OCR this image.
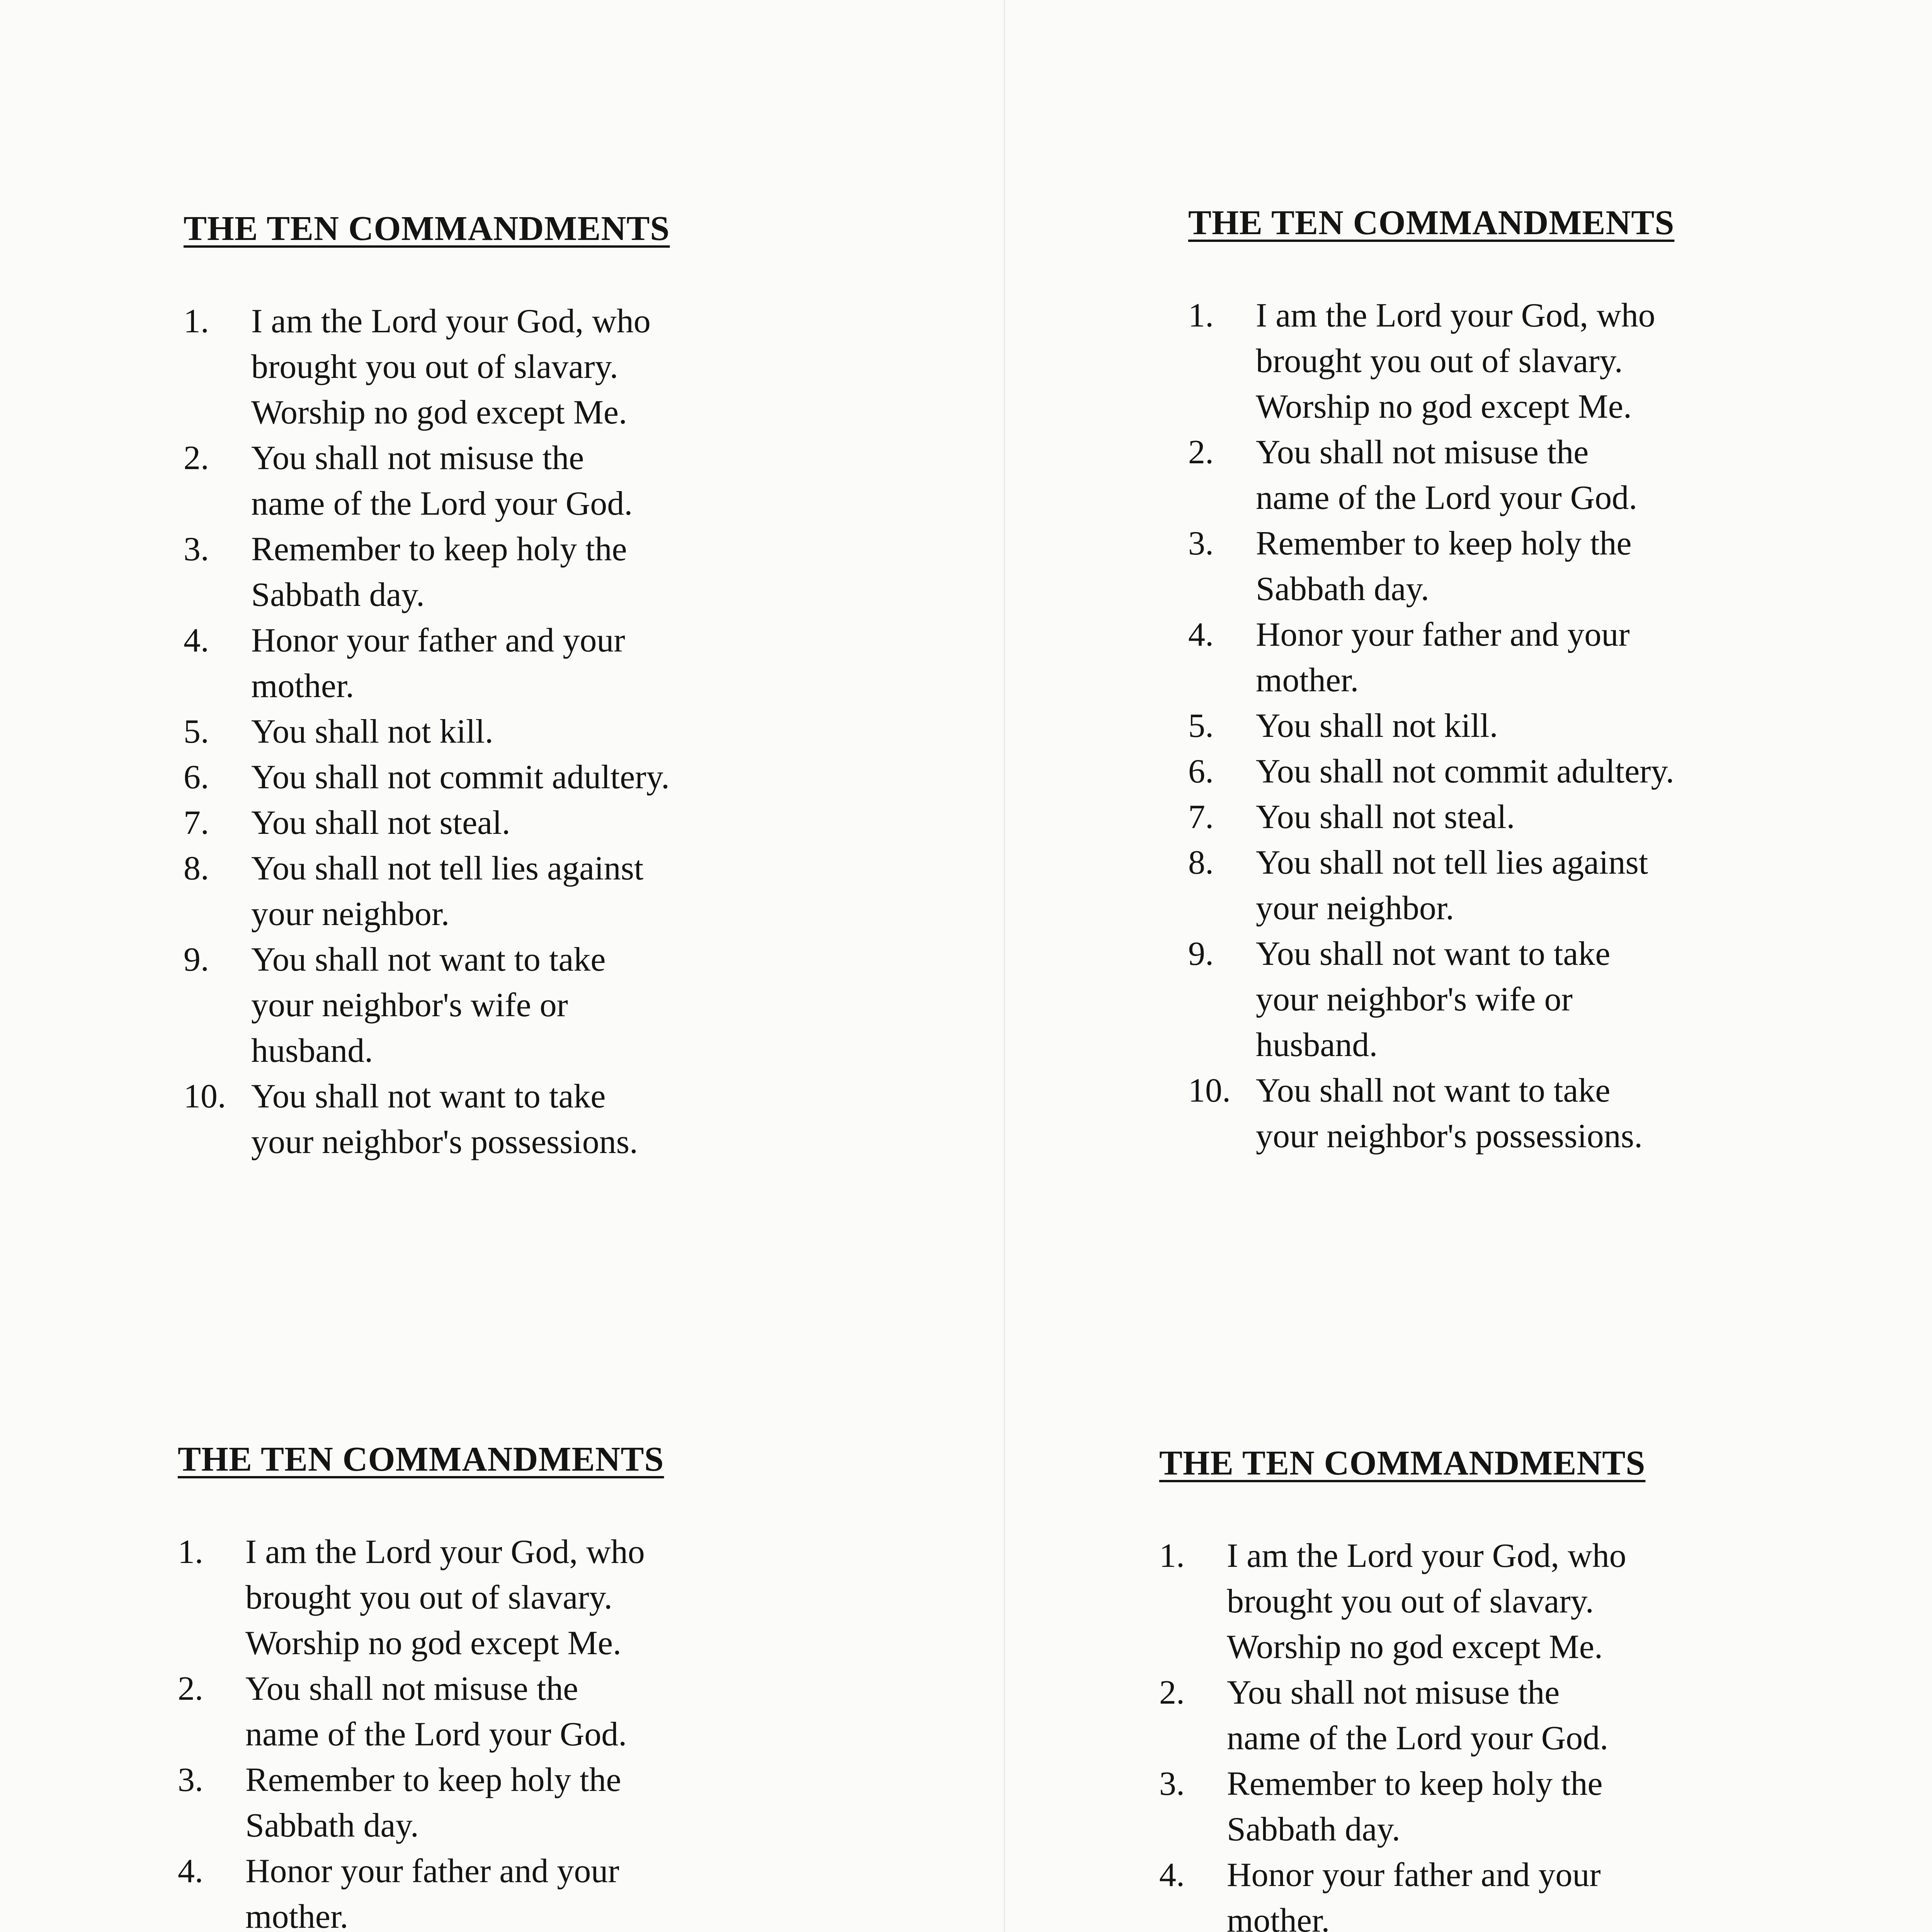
THE TEN COMMANDMENTS
1.	I am the Lord your God, who
brought you out of slavary.
Worship no god except Me.
2.	You shall not misuse the
name of the Lord your God.
3.	Remember to keep holy the
Sabbath day.
4.	Honor your father and your
mother.
5.	You shall not kill.
6.	You shall not commit adultery.
7.	You shall not steal.
8.	You shall not tell lies against
your neighbor.
9.	You shall not want to take
your neighbor's wife or
husband.
10. You shall not want to take
your neighbor's possessions.
THE TEN COMMANDMENTS
1.	I am the Lord your God, who
brought you out of slavary.
Worship no god except Me.
2.	You shall not misuse the
name of the Lord your God.
3.	Remember to keep holy the
Sabbath day.
4.	Honor your father and your
mother.
5.	You shall not kill.
6.	You shall not commit adultery.
7.	You shall not steal.
8.	You shall not tell lies against
your neighbor.
9.	You shall not want to take
your neighbor's wife or
husband.
10. You shall not want to take
your neighbor's possessions.
THE TEN COMMANDMENTS
1.	I am the Lord your God, who
brought you out of slavary.
Worship no god except Me.
2.	You shall not misuse the
name of the Lord your God.
3.	Remember to keep holy the
Sabbath day.
4.	Honor your father and your
mother.
THE TEN COMMANDMENTS
1.	I am the Lord your God, who
brought you out of slavary.
Worship no god except Me.
2.	You shall not misuse the
name of the Lord your God.
3.	Remember to keep holy the
Sabbath day.
4.	Honor your father and your
mother.
